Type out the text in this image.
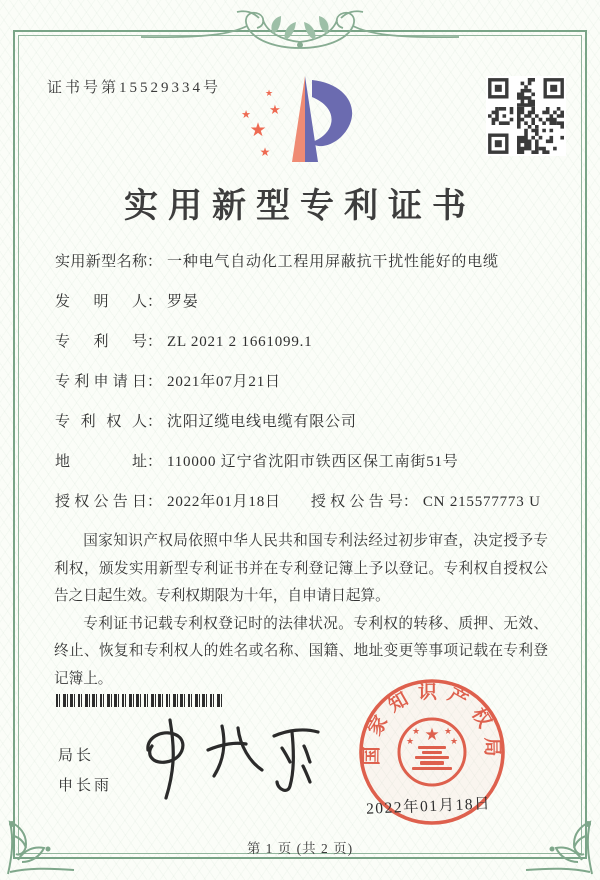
证书号第15529334号
★
★
★
★
★
实用新型专利证书
实用新型名称 ： 一种电气自动化工程用屏蔽抗干扰性能好的电缆
发明人 ： 罗晏
专利号 ： ZL 2021 2 1661099.1
专利申请日 ： 2021年07月21日
专利权人 ： 沈阳辽缆电线电缆有限公司
地址 ： 110000 辽宁省沈阳市铁西区保工南街51号
授权公告日 ： 2022年01月18日 授权公告号 ： CN 215577773 U

国家知识产权局依照中华人民共和国专利法经过初步审查，决定授予专利权，颁发实用新型专利证书并在专利登记簿上予以登记。专利权自授权公告之日起生效。专利权期限为十年，自申请日起算。

专利证书记载专利权登记时的法律状况。专利权的转移、质押、无效、终止、恢复和专利权人的姓名或名称、国籍、地址变更等事项记载在专利登记簿上。

局长
申长雨
国家知识产权局
★
★	★
★	★
2022年01月18日
第 1 页 (共 2 页)
